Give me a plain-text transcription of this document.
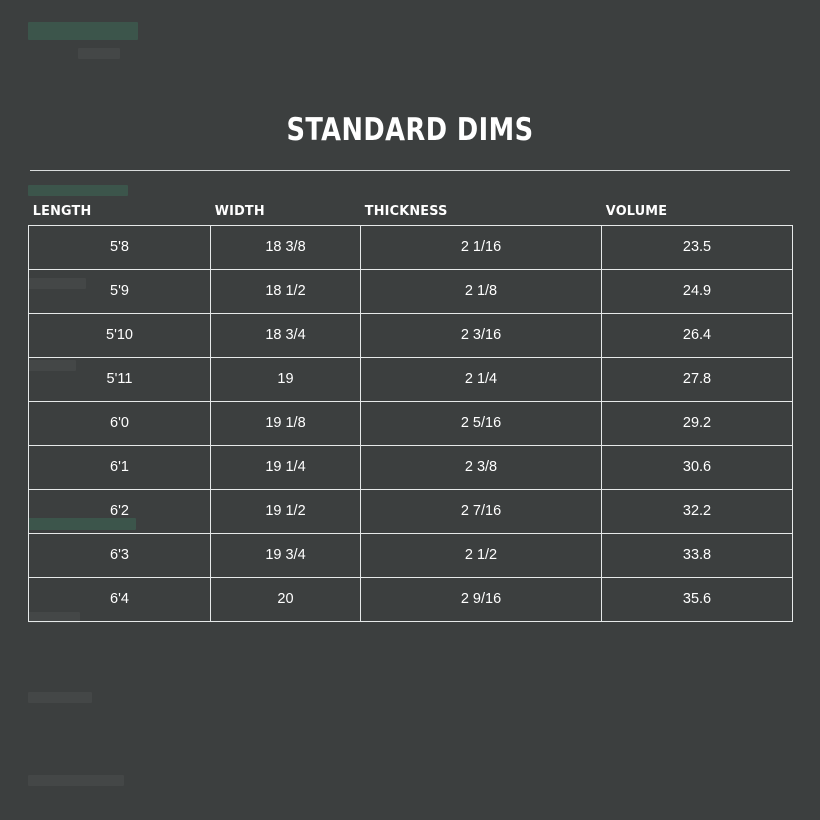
STANDARD DIMS
LENGTH	WIDTH	THICKNESS	VOLUME
5'8	18 3/8	2 1/16	23.5
5'9	18 1/2	2 1/8	24.9
5'10	18 3/4	2 3/16	26.4
5'11	19	2 1/4	27.8
6'0	19 1/8	2 5/16	29.2
6'1	19 1/4	2 3/8	30.6
6'2	19 1/2	2 7/16	32.2
6'3	19 3/4	2 1/2	33.8
6'4	20	2 9/16	35.6
